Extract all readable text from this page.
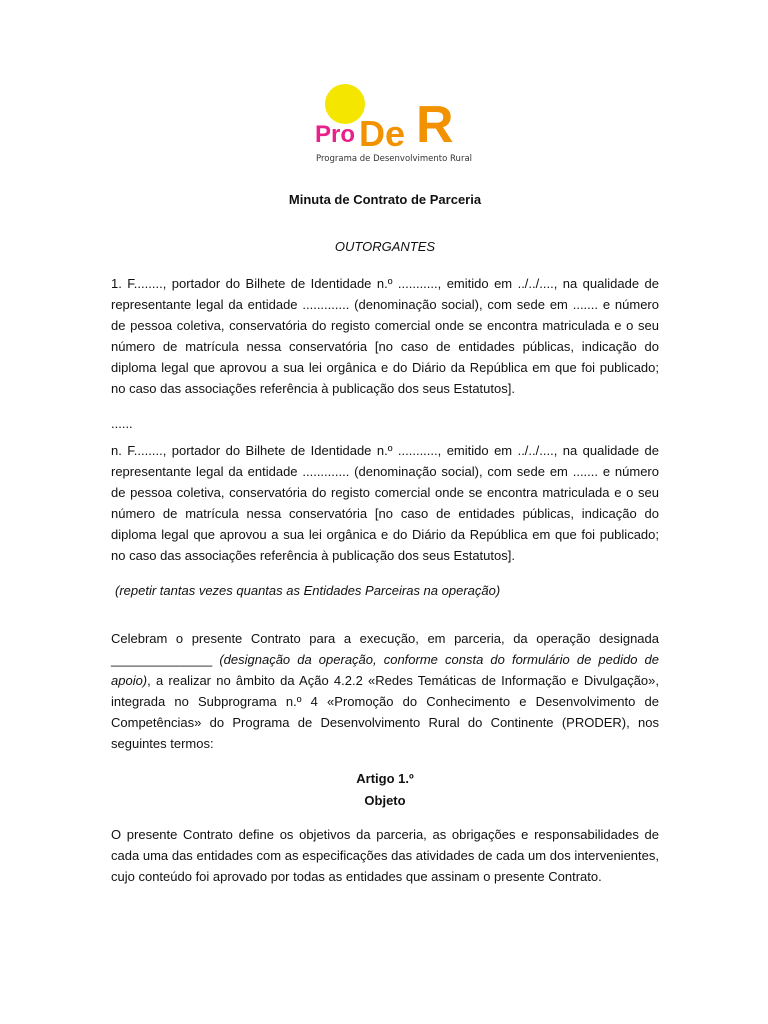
Pro De R
Programa de Desenvolvimento Rural
Minuta de Contrato de Parceria
OUTORGANTES

1. F........, portador do Bilhete de Identidade n.º ..........., emitido em ../../...., na qualidade de representante legal da entidade ............. (denominação social), com sede em ....... e número de pessoa coletiva, conservatória do registo comercial onde se encontra matriculada e o seu número de matrícula nessa conservatória [no caso de entidades públicas, indicação do diploma legal que aprovou a sua lei orgânica e do Diário da República em que foi publicado; no caso das associações referência à publicação dos seus Estatutos].

......

n. F........, portador do Bilhete de Identidade n.º ..........., emitido em ../../...., na qualidade de representante legal da entidade ............. (denominação social), com sede em ....... e número de pessoa coletiva, conservatória do registo comercial onde se encontra matriculada e o seu número de matrícula nessa conservatória [no caso de entidades públicas, indicação do diploma legal que aprovou a sua lei orgânica e do Diário da República em que foi publicado; no caso das associações referência à publicação dos seus Estatutos].

(repetir tantas vezes quantas as Entidades Parceiras na operação)

Celebram o presente Contrato para a execução, em parceria, da operação designada ______________ (designação da operação, conforme consta do formulário de pedido de apoio), a realizar no âmbito da Ação 4.2.2 «Redes Temáticas de Informação e Divulgação», integrada no Subprograma n.º 4 «Promoção do Conhecimento e Desenvolvimento de Competências» do Programa de Desenvolvimento Rural do Continente (PRODER), nos seguintes termos:

Artigo 1.º
Objeto

O presente Contrato define os objetivos da parceria, as obrigações e responsabilidades de cada uma das entidades com as especificações das atividades de cada um dos intervenientes, cujo conteúdo foi aprovado por todas as entidades que assinam o presente Contrato.
